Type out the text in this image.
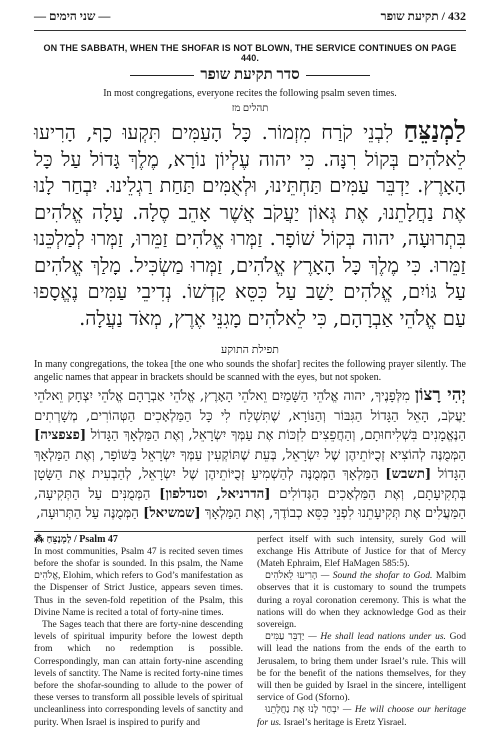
— שני הימים —	432 / תקיעת שופר
ON THE SABBATH, WHEN THE SHOFAR IS NOT BLOWN, THE SERVICE CONTINUES ON PAGE 440.
סדר תקיעת שופר
In most congregations, everyone recites the following psalm seven times.
תהלים מז
לַמְנַצֵּחַ לִבְנֵי קֹרַח מִזְמוֹר. כָּל הָעַמִּים תִּקְעוּ כָף, הָרִיעוּ לֵאלֹהִים בְּקוֹל רִנָּה. כִּי יהוה עֶלְיוֹן נוֹרָא, מֶלֶךְ גָּדוֹל עַל כָּל הָאָרֶץ. יַדְבֵּר עַמִּים תַּחְתֵּינוּ, וּלְאֻמִּים תַּחַת רַגְלֵינוּ. יִבְחַר לָנוּ אֶת נַחֲלָתֵנוּ, אֶת גְּאוֹן יַעֲקֹב אֲשֶׁר אָהֵב סֶלָה. עָלָה אֱלֹהִים בִּתְרוּעָה, יהוה בְּקוֹל שׁוֹפָר. זַמְּרוּ אֱלֹהִים זַמֵּרוּ, זַמְּרוּ לְמַלְכֵּנוּ זַמֵּרוּ. כִּי מֶלֶךְ כָּל הָאָרֶץ אֱלֹהִים, זַמְּרוּ מַשְׂכִּיל. מָלַךְ אֱלֹהִים עַל גּוֹיִם, אֱלֹהִים יָשַׁב עַל כִּסֵּא קָדְשׁוֹ. נְדִיבֵי עַמִּים נֶאֱסָפוּ עַם אֱלֹהֵי אַבְרָהָם, כִּי לֵאלֹהִים מָגִנֵּי אֶרֶץ, מְאֹד נַעֲלָה.
תפילת התוקע
In many congregations, the tokea [the one who sounds the shofar] recites the following prayer silently. The angelic names that appear in brackets should be scanned with the eyes, but not spoken.
יְהִי רָצוֹן מִלְּפָנֶיךָ, יהוה אֱלֹהֵי הַשָּׁמַיִם וֵאלֹהֵי הָאָרֶץ, אֱלֹהֵי אַבְרָהָם אֱלֹהֵי יִצְחָק וֵאלֹהֵי יַעֲקֹב, הָאֵל הַגָּדוֹל הַגִּבּוֹר וְהַנּוֹרָא, שֶׁתִּשְׁלַח לִי כָּל הַמַּלְאָכִים הַטְּהוֹרִים, מְשָׁרְתִים הַנֶּאֱמָנִים בִּשְׁלִיחוּתָם, וְהַחֲפֵצִים לִזְכּוֹת אֶת עַמְּךָ יִשְׂרָאֵל, וְאֶת הַמַּלְאָךְ הַגָּדוֹל [פצפציה] הַמְּמֻנֶּה לְהוֹצִיא זְכֻיּוֹתֵיהֶן שֶׁל יִשְׂרָאֵל, בְּעֵת שֶׁתּוֹקְעִין עַמְּךָ יִשְׂרָאֵל בַּשּׁוֹפָר, וְאֶת הַמַּלְאָךְ הַגָּדוֹל [תשבש] הַמַּלְאָךְ הַמְּמֻנֶּה לְהַשְׁמִיעַ זְכֻיּוֹתֵיהֶן שֶׁל יִשְׂרָאֵל, לְהַבְעִית אֶת הַשָּׂטָן בְּתְקִיעָתָם, וְאֶת הַמַּלְאָכִים הַגְּדוֹלִים [הדרניאל, וסנדלפון] הַמְּמֻנִּים עַל הַתְּקִיעָה, הַמַּעֲלִים אֶת תְּקִיעָתֵנוּ לִפְנֵי כִּסֵּא כְבוֹדֶךָ, וְאֶת הַמַּלְאָךְ [שמשיאל] הַמְּמֻנֶּה עַל הַתְּרוּעָה,
⁂ לַמְנַצֵּחַ / Psalm 47

In most communities, Psalm 47 is recited seven times before the shofar is sounded. In this psalm, the Name אֱלֹהִים, Elohim, which refers to God’s manifestation as the Dispenser of Strict Justice, appears seven times. Thus in the seven-fold repetition of the Psalm, this Divine Name is recited a total of forty-nine times.

The Sages teach that there are forty-nine descending levels of spiritual impurity before the lowest depth from which no redemption is possible. Correspondingly, man can attain forty-nine ascending levels of sanctity. The Name is recited forty-nine times before the shofar-sounding to allude to the power of these verses to transform all possible levels of spiritual uncleanliness into corresponding levels of sanctity and purity. When Israel is inspired to purify and

perfect itself with such intensity, surely God will exchange His Attribute of Justice for that of Mercy (Mateh Ephraim, Elef HaMagen 585:5).

הָרִיעוּ לֵאלֹהִים — Sound the shofar to God. Malbim observes that it is customary to sound the trumpets during a royal coronation ceremony. This is what the nations will do when they acknowledge God as their sovereign.

יַדְבֵּר עַמִּים — He shall lead nations under us. God will lead the nations from the ends of the earth to Jerusalem, to bring them under Israel’s rule. This will be for the benefit of the nations themselves, for they will then be guided by Israel in the sincere, intelligent service of God (Sforno).

יִבְחַר לָנוּ אֶת נַחֲלָתֵנוּ — He will choose our heritage for us. Israel’s heritage is Eretz Yisrael.
